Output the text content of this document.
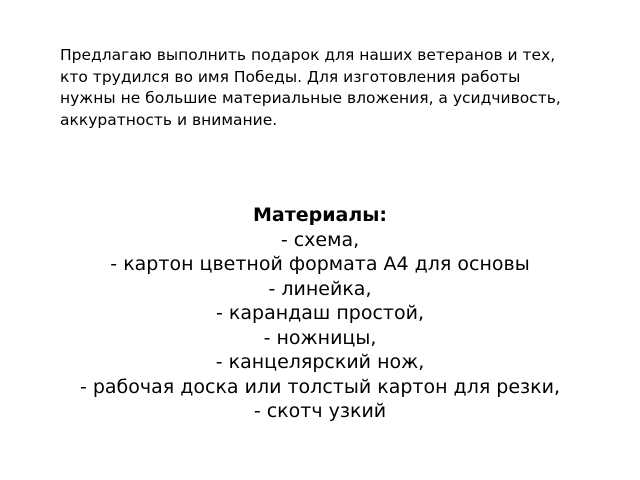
Предлагаю выполнить подарок для наших ветеранов и тех, кто трудился во имя Победы. Для изготовления работы нужны не большие материальные вложения, а усидчивость, аккуратность и внимание.

Материалы:
- схема,
- картон цветной формата А4 для основы
- линейка,
- карандаш простой,
- ножницы,
- канцелярский нож,
- рабочая доска или толстый картон для резки,
- скотч узкий
